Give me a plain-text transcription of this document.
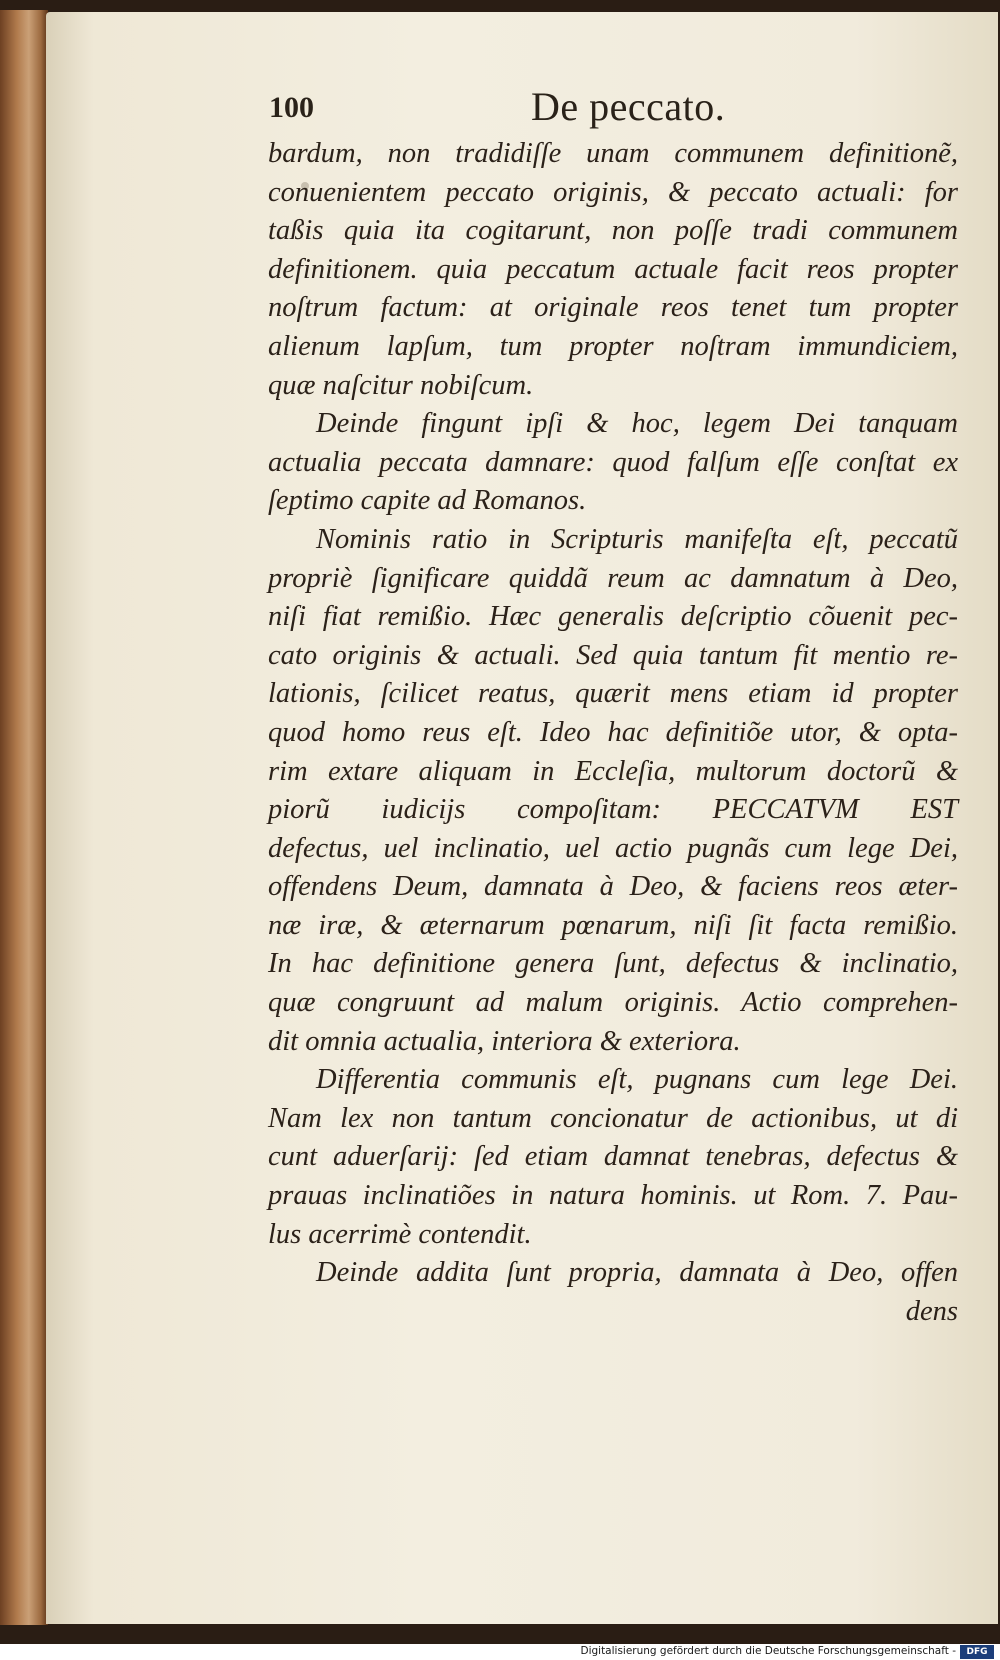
100	De peccato.
bardum, non tradidiſſe unam communem definitionẽ,
conuenientem peccato originis, & peccato actuali: for
taßis quia ita cogitarunt, non poſſe tradi communem
definitionem. quia peccatum actuale facit reos propter
noſtrum factum: at originale reos tenet tum propter
alienum lapſum, tum propter noſtram immundiciem,
quæ naſcitur nobiſcum.
Deinde fingunt ipſi & hoc, legem Dei tanquam
actualia peccata damnare: quod falſum eſſe conſtat ex
ſeptimo capite ad Romanos.
Nominis ratio in Scripturis manifeſta eſt, peccatũ
propriè ſignificare quiddã reum ac damnatum à Deo,
niſi fiat remißio. Hæc generalis deſcriptio cõuenit pec-
cato originis & actuali. Sed quia tantum fit mentio re-
lationis, ſcilicet reatus, quærit mens etiam id propter
quod homo reus eſt. Ideo hac definitiõe utor, & opta-
rim extare aliquam in Eccleſia, multorum doctorũ &
piorũ iudicijs compoſitam: PECCATVM EST
defectus, uel inclinatio, uel actio pugnãs cum lege Dei,
offendens Deum, damnata à Deo, & faciens reos æter-
næ iræ, & æternarum pœnarum, niſi ſit facta remißio.
In hac definitione genera ſunt, defectus & inclinatio,
quæ congruunt ad malum originis. Actio comprehen-
dit omnia actualia, interiora & exteriora.
Differentia communis eſt, pugnans cum lege Dei.
Nam lex non tantum concionatur de actionibus, ut di
cunt aduerſarij: ſed etiam damnat tenebras, defectus &
prauas inclinatiões in natura hominis. ut Rom. 7. Pau-
lus acerrimè contendit.
Deinde addita ſunt propria, damnata à Deo, offen
dens
Digitalisierung gefördert durch die Deutsche Forschungsgemeinschaft -	DFG
